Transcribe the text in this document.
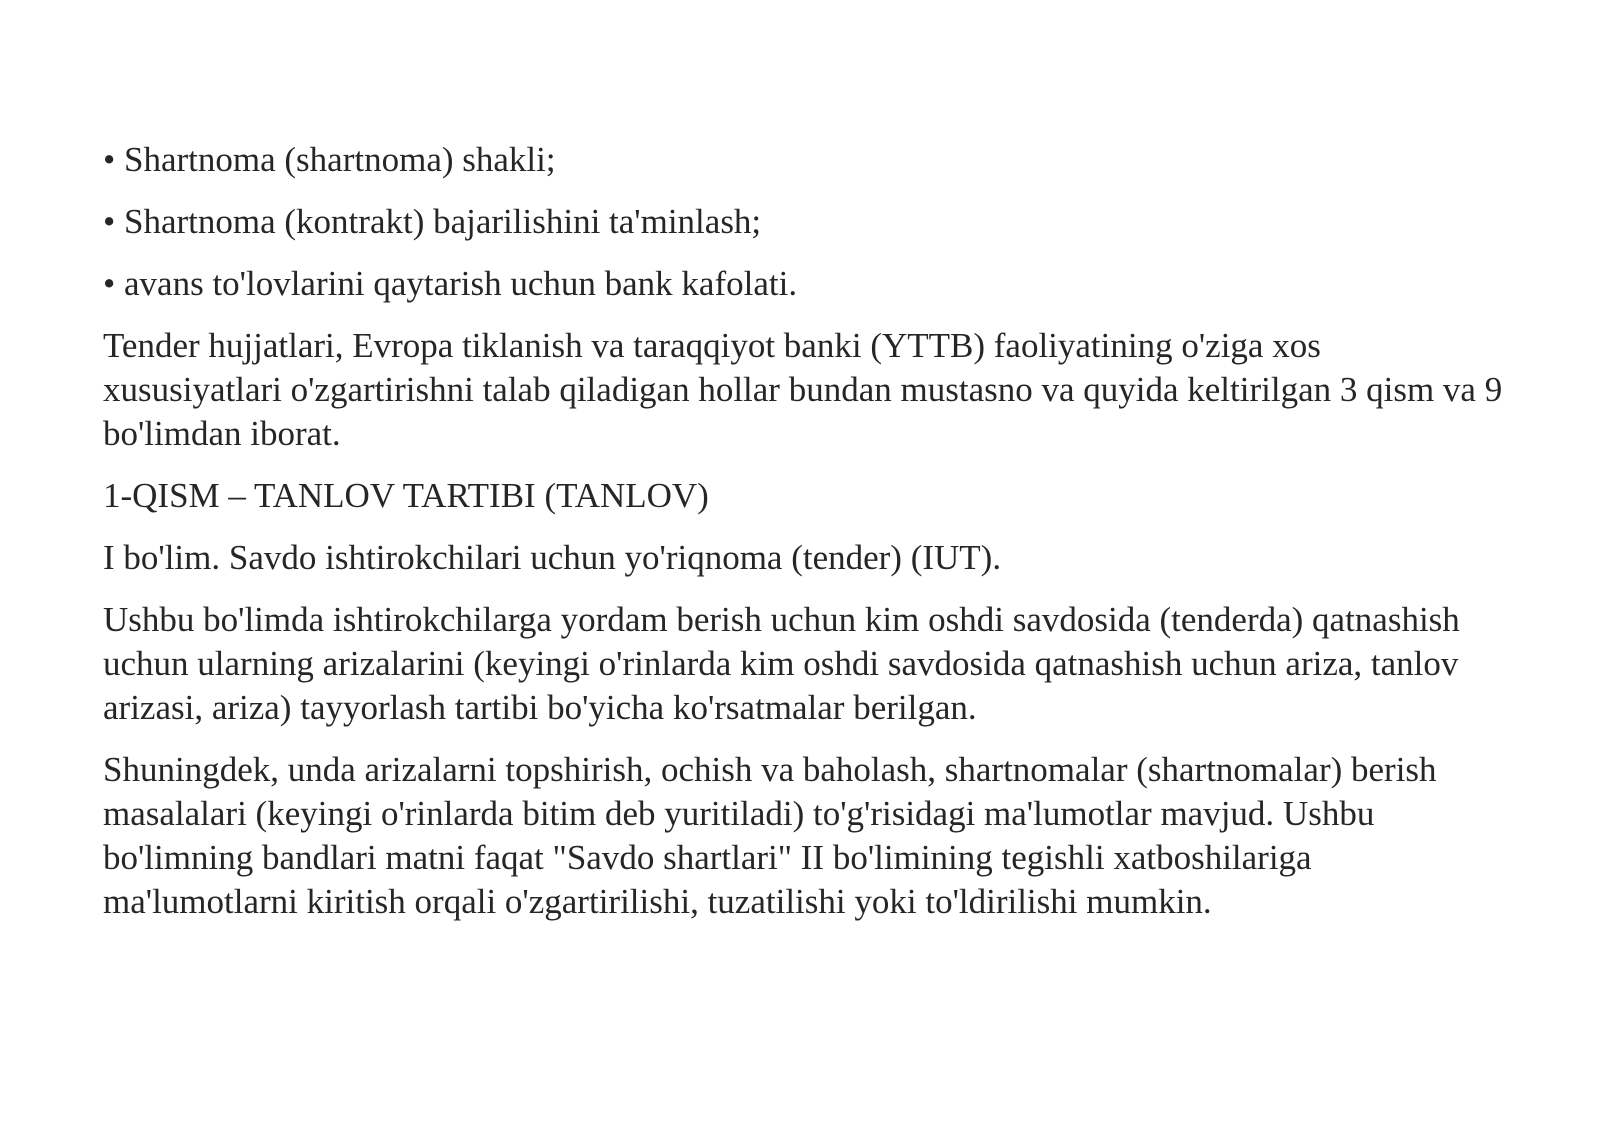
• Shartnoma (shartnoma) shakli;

• Shartnoma (kontrakt) bajarilishini ta'minlash;

• avans to'lovlarini qaytarish uchun bank kafolati.

Tender hujjatlari, Evropa tiklanish va taraqqiyot banki (YTTB) faoliyatining o'ziga xos xususiyatlari o'zgartirishni talab qiladigan hollar bundan mustasno va quyida keltirilgan 3 qism va 9 bo'limdan iborat.

1-QISM – TANLOV TARTIBI (TANLOV)

I bo'lim. Savdo ishtirokchilari uchun yo'riqnoma (tender) (IUT).

Ushbu bo'limda ishtirokchilarga yordam berish uchun kim oshdi savdosida (tenderda) qatnashish uchun ularning arizalarini (keyingi o'rinlarda kim oshdi savdosida qatnashish uchun ariza, tanlov arizasi, ariza) tayyorlash tartibi bo'yicha ko'rsatmalar berilgan.

Shuningdek, unda arizalarni topshirish, ochish va baholash, shartnomalar (shartnomalar) berish masalalari (keyingi o'rinlarda bitim deb yuritiladi) to'g'risidagi ma'lumotlar mavjud. Ushbu bo'limning bandlari matni faqat "Savdo shartlari" II bo'limining tegishli xatboshilariga ma'lumotlarni kiritish orqali o'zgartirilishi, tuzatilishi yoki to'ldirilishi mumkin.
